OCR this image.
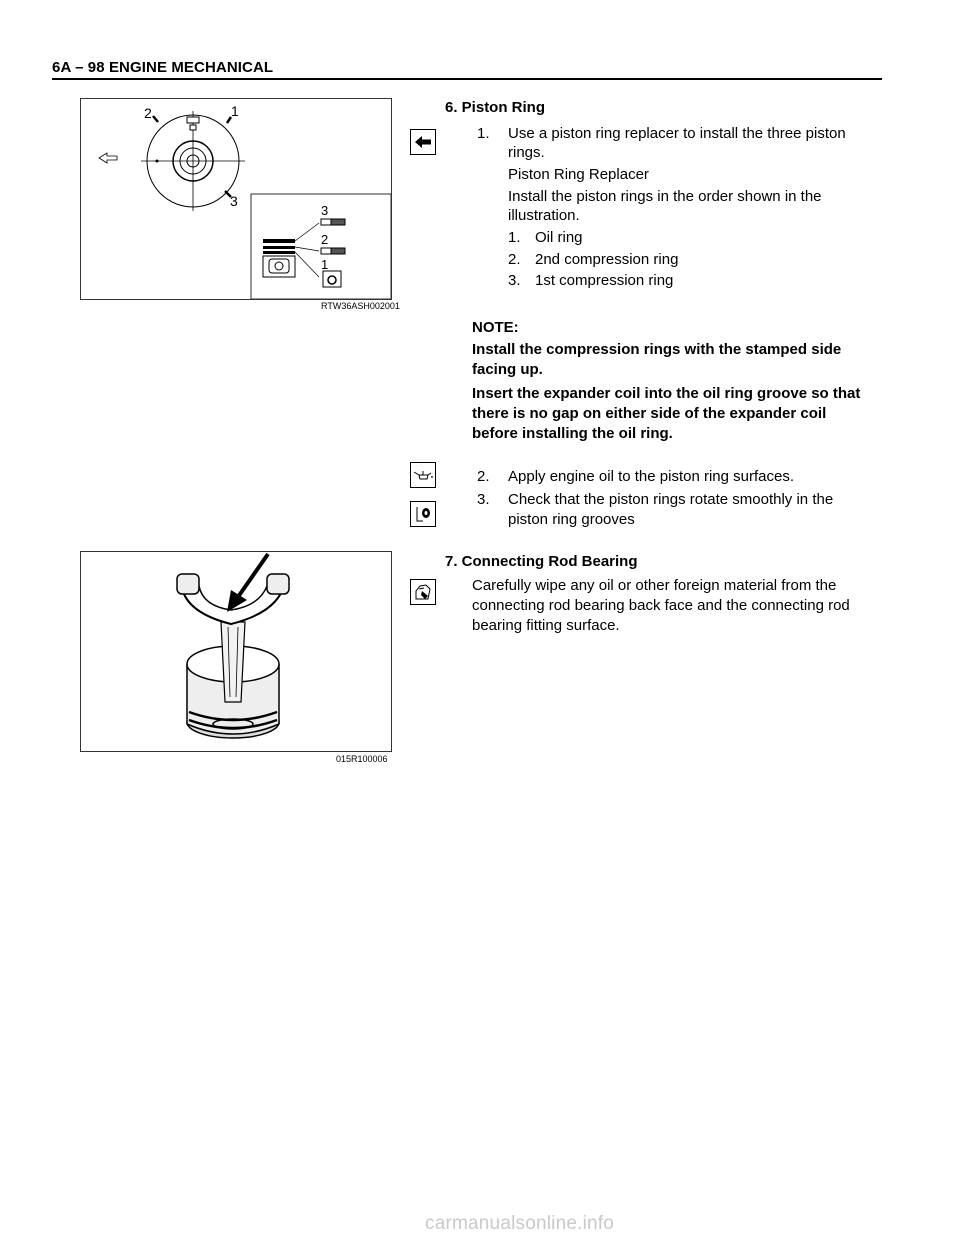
6A – 98 ENGINE MECHANICAL
2	1
3
3
2
1
RTW36ASH002001
6. Piston Ring
1. Use a piston ring replacer to install the three piston
rings.
Piston Ring Replacer
Install the piston rings in the order shown in the
illustration.
1. Oil ring
2. 2nd compression ring
3. 1st compression ring
NOTE:
Install the compression rings with the stamped side
facing up.
Insert the expander coil into the oil ring groove so that
there is no gap on either side of the expander coil
before installing the oil ring.
2. Apply engine oil to the piston ring surfaces.
3. Check that the piston rings rotate smoothly in the
piston ring grooves
015R100006
7. Connecting Rod Bearing
Carefully wipe any oil or other foreign material from the
connecting rod bearing back face and the connecting rod
bearing fitting surface.
carmanualsonline.info
